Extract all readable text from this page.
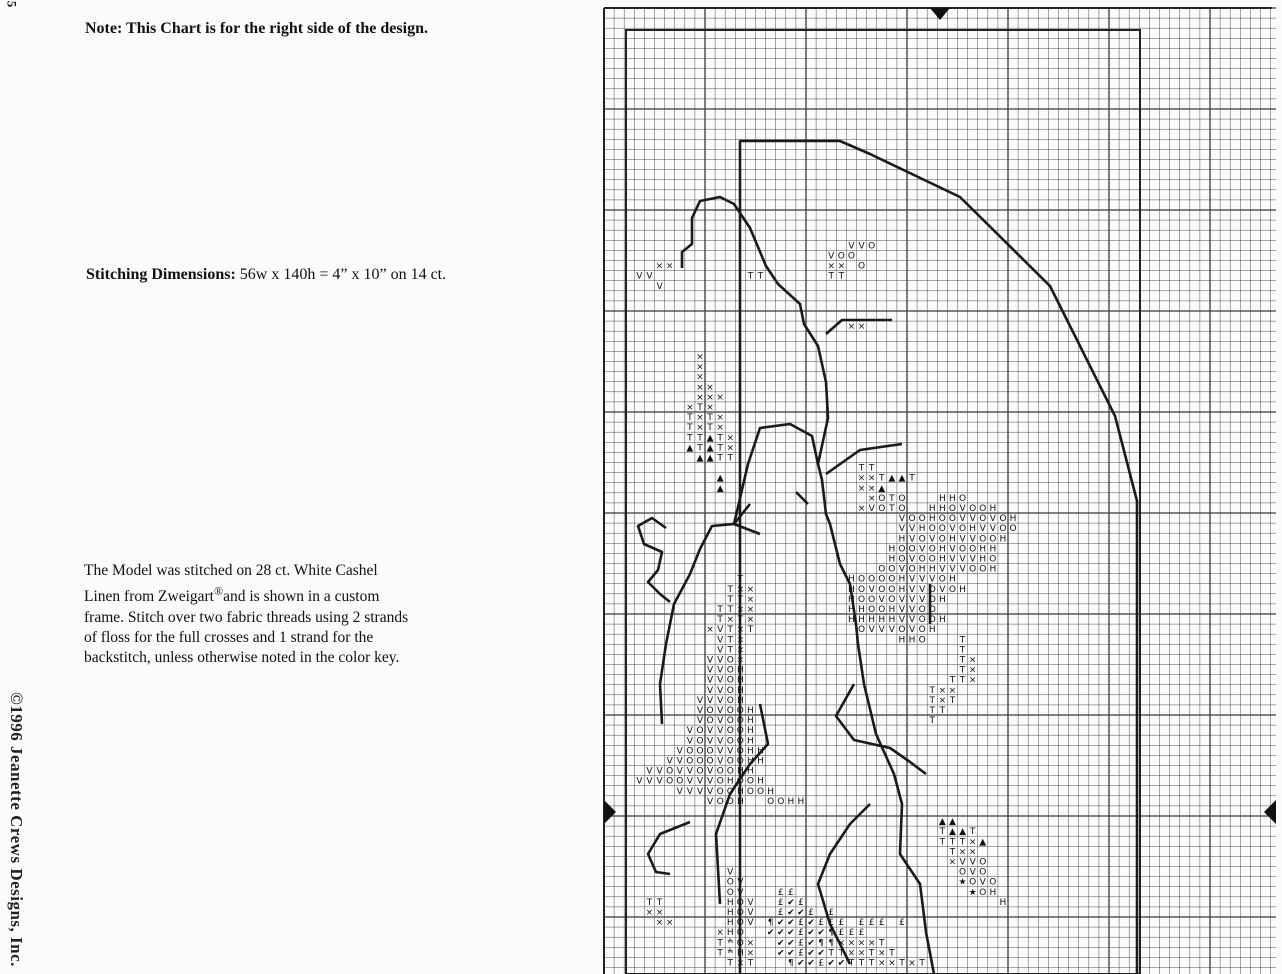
5
©1996 Jeanette Crews Designs, Inc.
Note: This Chart is for the right side of the design.
Stitching Dimensions: 56w x 140h = 4” x 10” on 14 ct.
The Model was stitched on 28 ct. White Cashel
Linen from Zweigart®and is shown in a custom
frame. Stitch over two fabric threads using 2 strands
of floss for the full crosses and 1 strand for the
backstitch, unless otherwise noted in the color key.
× ×
V V
V
T T
V V O
V O O
× × O
T T
× ×
×
×
×
× ×
× × ×
× T ×
T × T ×
T × T ×
T T ▲ T ×
▲ T ▲ T ×
▲ ▲ T T
▲
▲
T T
× × T ▲ ▲ T
× × ▲
× O T O	H H O
× V O T O	H H O V O O H
V O O H O O V V O V O H
V V H O O V O H V V O O
H V O V O H V V O O H
H O O V O H V O O H H
H O V O O H V V V H O
O O V O H H V V V O O H
H O O O O H V V V O H
H O V O O H V V O V O H
H O O V O V V V O H
H H O O H V V O O
H H H H H V V O O H
O V V V O V O H
H H O	T
T
T ×
T ×
T T ×
T × ×
T × T
T T
T
T
T × ×
T T ×
T T × ×
T × T ×
× V T × T
V T ×
V T ×
V V O ×
V V O H
V V O H
V V O H
V V V O H
V O V O O H
V O V O O H
V O V V O O H
V O V V O O H
V O O O V V O H H
V V O O O V O O H H
V V O V V O V O O H H
V V V O O V V V O H O O H
V V V V O O H O O H
V O O H	O O H H
▲ ▲
T ▲ ▲ T
T T T × ▲
T × ×
× V V O
O V O
★ O V O
★ O H
H
V
O V
O V	£ £
T T	H O V	£ ✔ £
× ×	H O V	£ ✔ ✔ £ £
× ×	H O V ¶ ✔ ✔ £ ✔ £ £ £ £ £ £ £
× H O	✔ ✔ ✔ £ ✔ ✔ ¶ £ £ £
T ׯ O ×	✔ ✔ £ ✔ ¶ ¶ × × × × T
T ׯ H ×	✔ ✔ £ ✔ ✔ T T × × T × T
T × T	¶ ✔ ✔ £ ✔ ✔ T T T × × T × T
